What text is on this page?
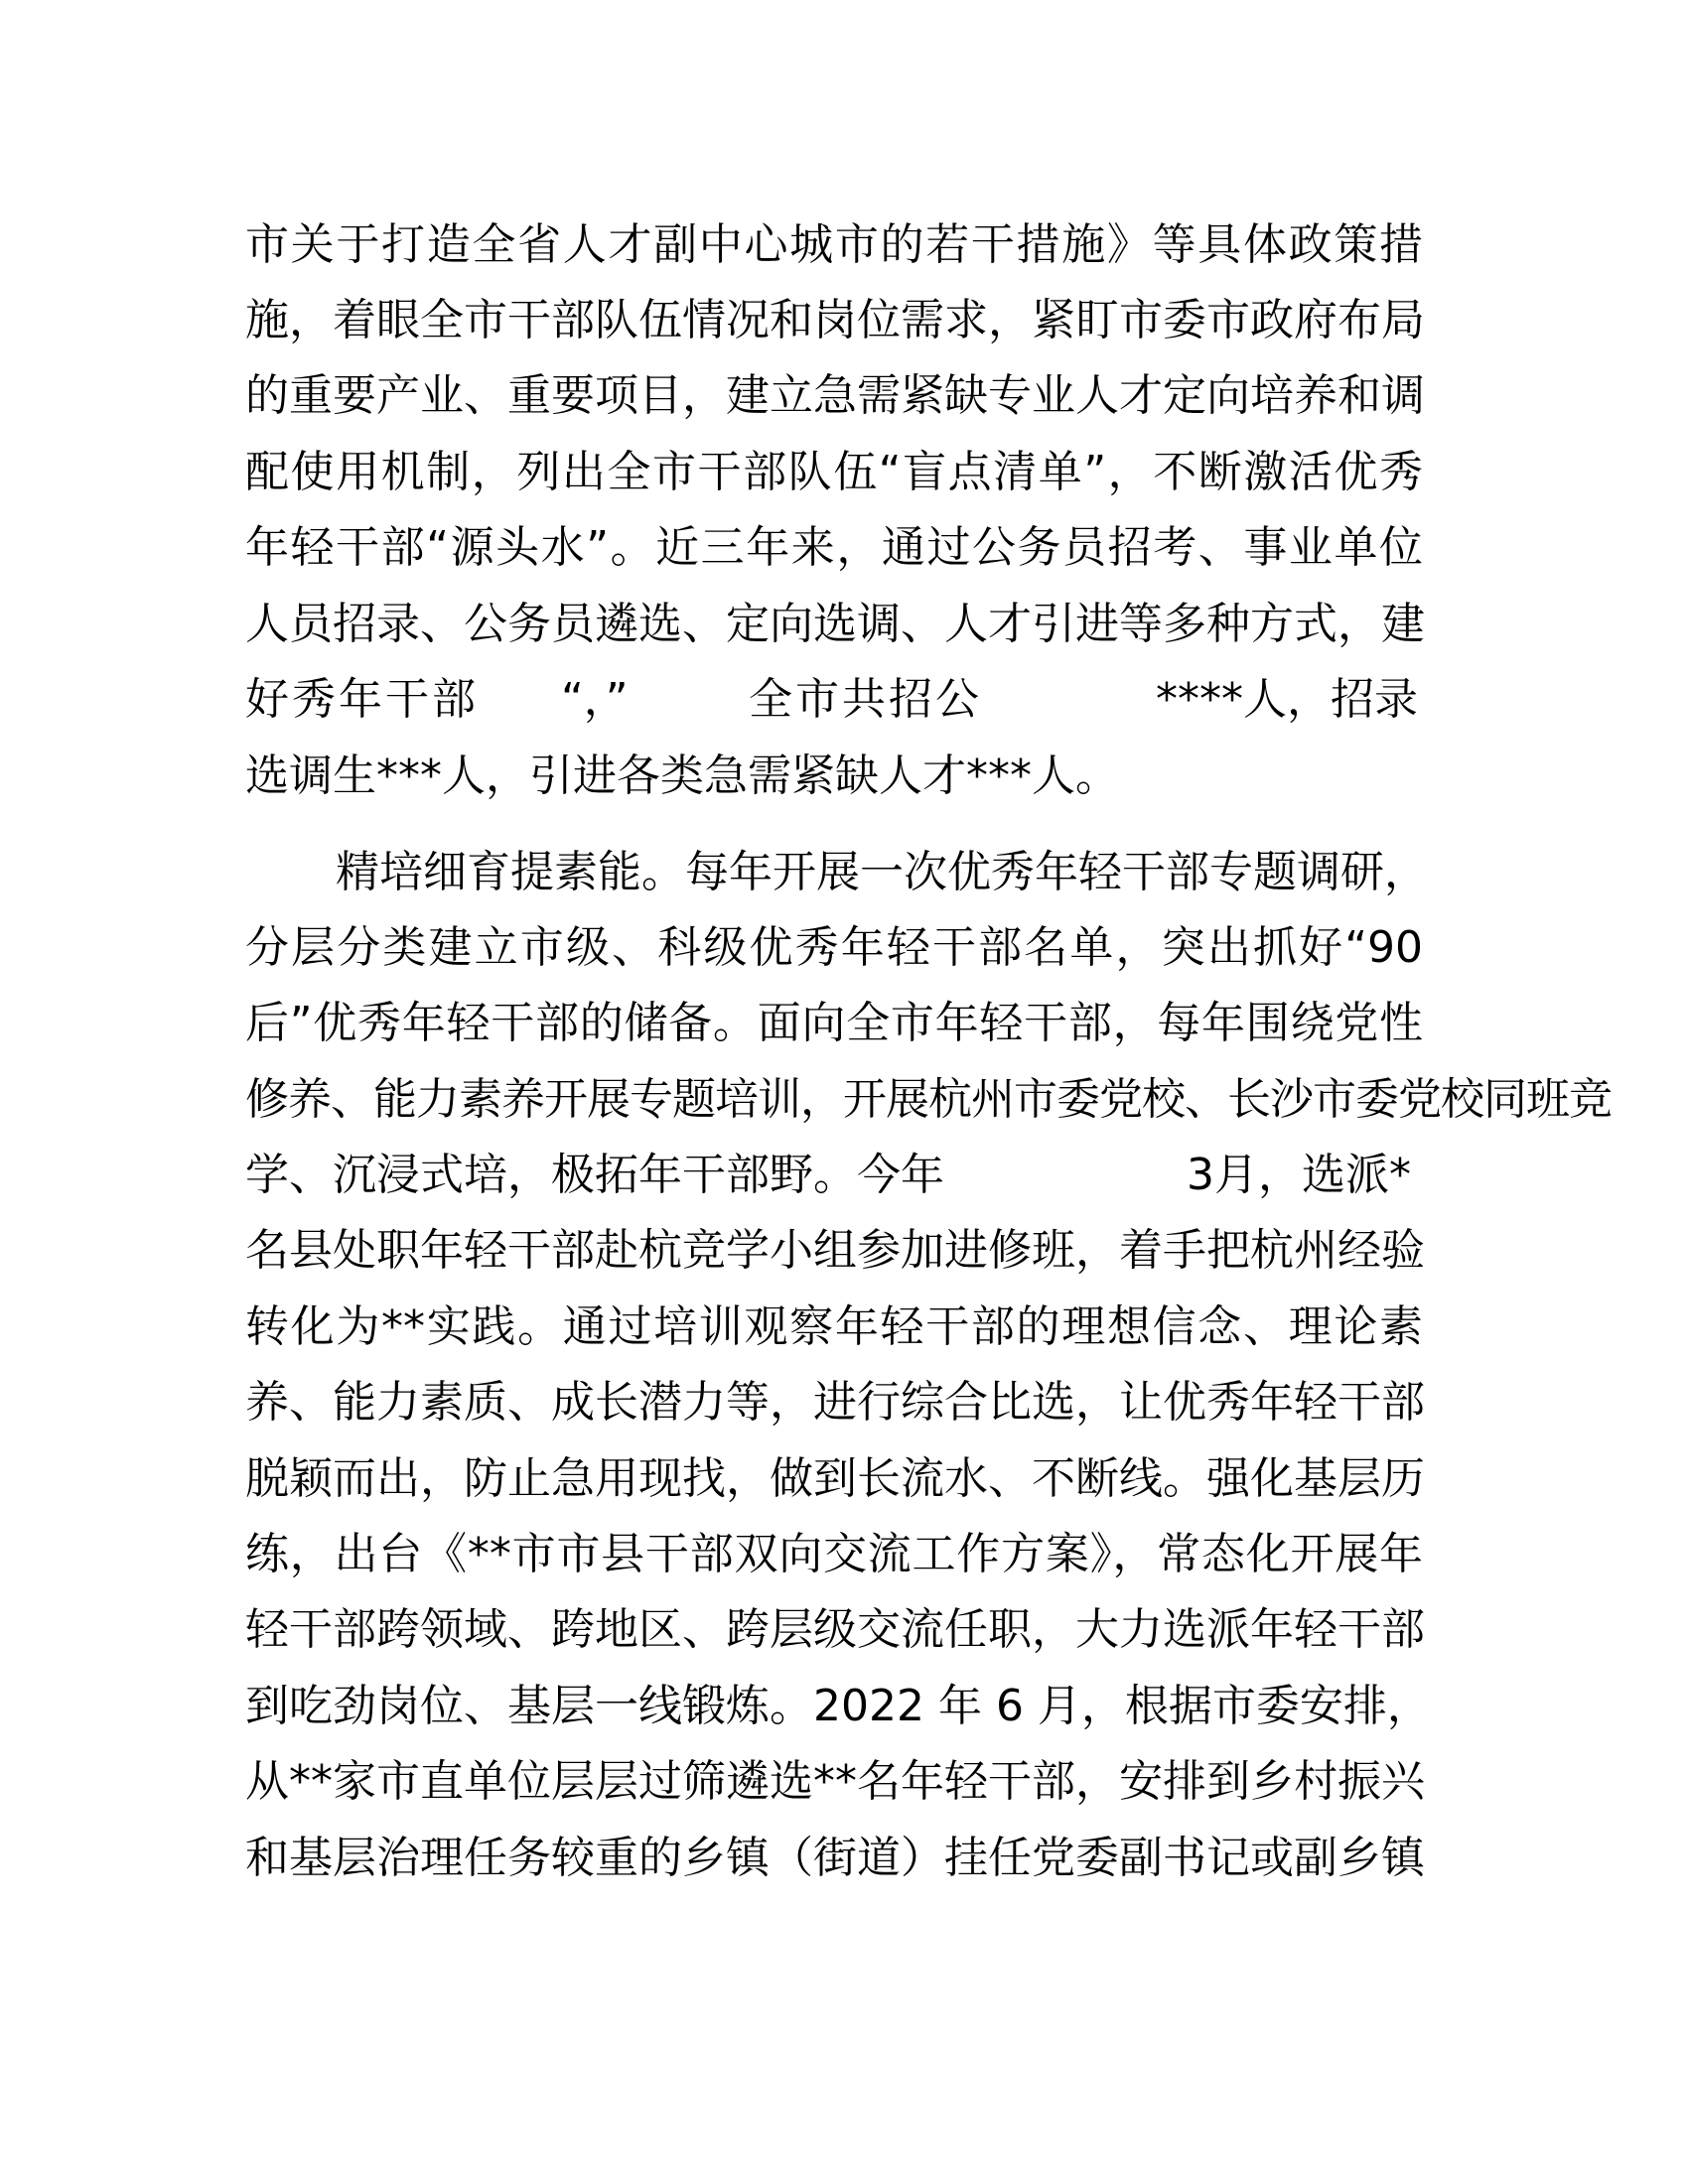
市关于打造全省人才副中心城市的若干措施》等具体政策措
施，着眼全市干部队伍情况和岗位需求，紧盯市委市政府布局
的重要产业、重要项目，建立急需紧缺专业人才定向培养和调
配使用机制，列出全市干部队伍“盲点清单”，不断激活优秀
年轻干部“源头水”。近三年来，通过公务员招考、事业单位
人员招录、公务员遴选、定向选调、人才引进等多种方式，建
好秀年干部 “，”	全市共招公	****人，招录
选调生***人，引进各类急需紧缺人才***人。
精培细育提素能。每年开展一次优秀年轻干部专题调研，
分层分类建立市级、科级优秀年轻干部名单，突出抓好“90
后”优秀年轻干部的储备。面向全市年轻干部，每年围绕党性
修养、能力素养开展专题培训，开展杭州市委党校、长沙市委党校同班竞
学、沉浸式培，极拓年干部野。今年	3月，选派*
名县处职年轻干部赴杭竞学小组参加进修班，着手把杭州经验
转化为**实践。通过培训观察年轻干部的理想信念、理论素
养、能力素质、成长潜力等，进行综合比选，让优秀年轻干部
脱颖而出，防止急用现找，做到长流水、不断线。强化基层历
练，出台《**市市县干部双向交流工作方案》，常态化开展年
轻干部跨领域、跨地区、跨层级交流任职，大力选派年轻干部
到吃劲岗位、基层一线锻炼。2022 年 6 月，根据市委安排，
从**家市直单位层层过筛遴选**名年轻干部，安排到乡村振兴
和基层治理任务较重的乡镇（街道）挂任党委副书记或副乡镇
